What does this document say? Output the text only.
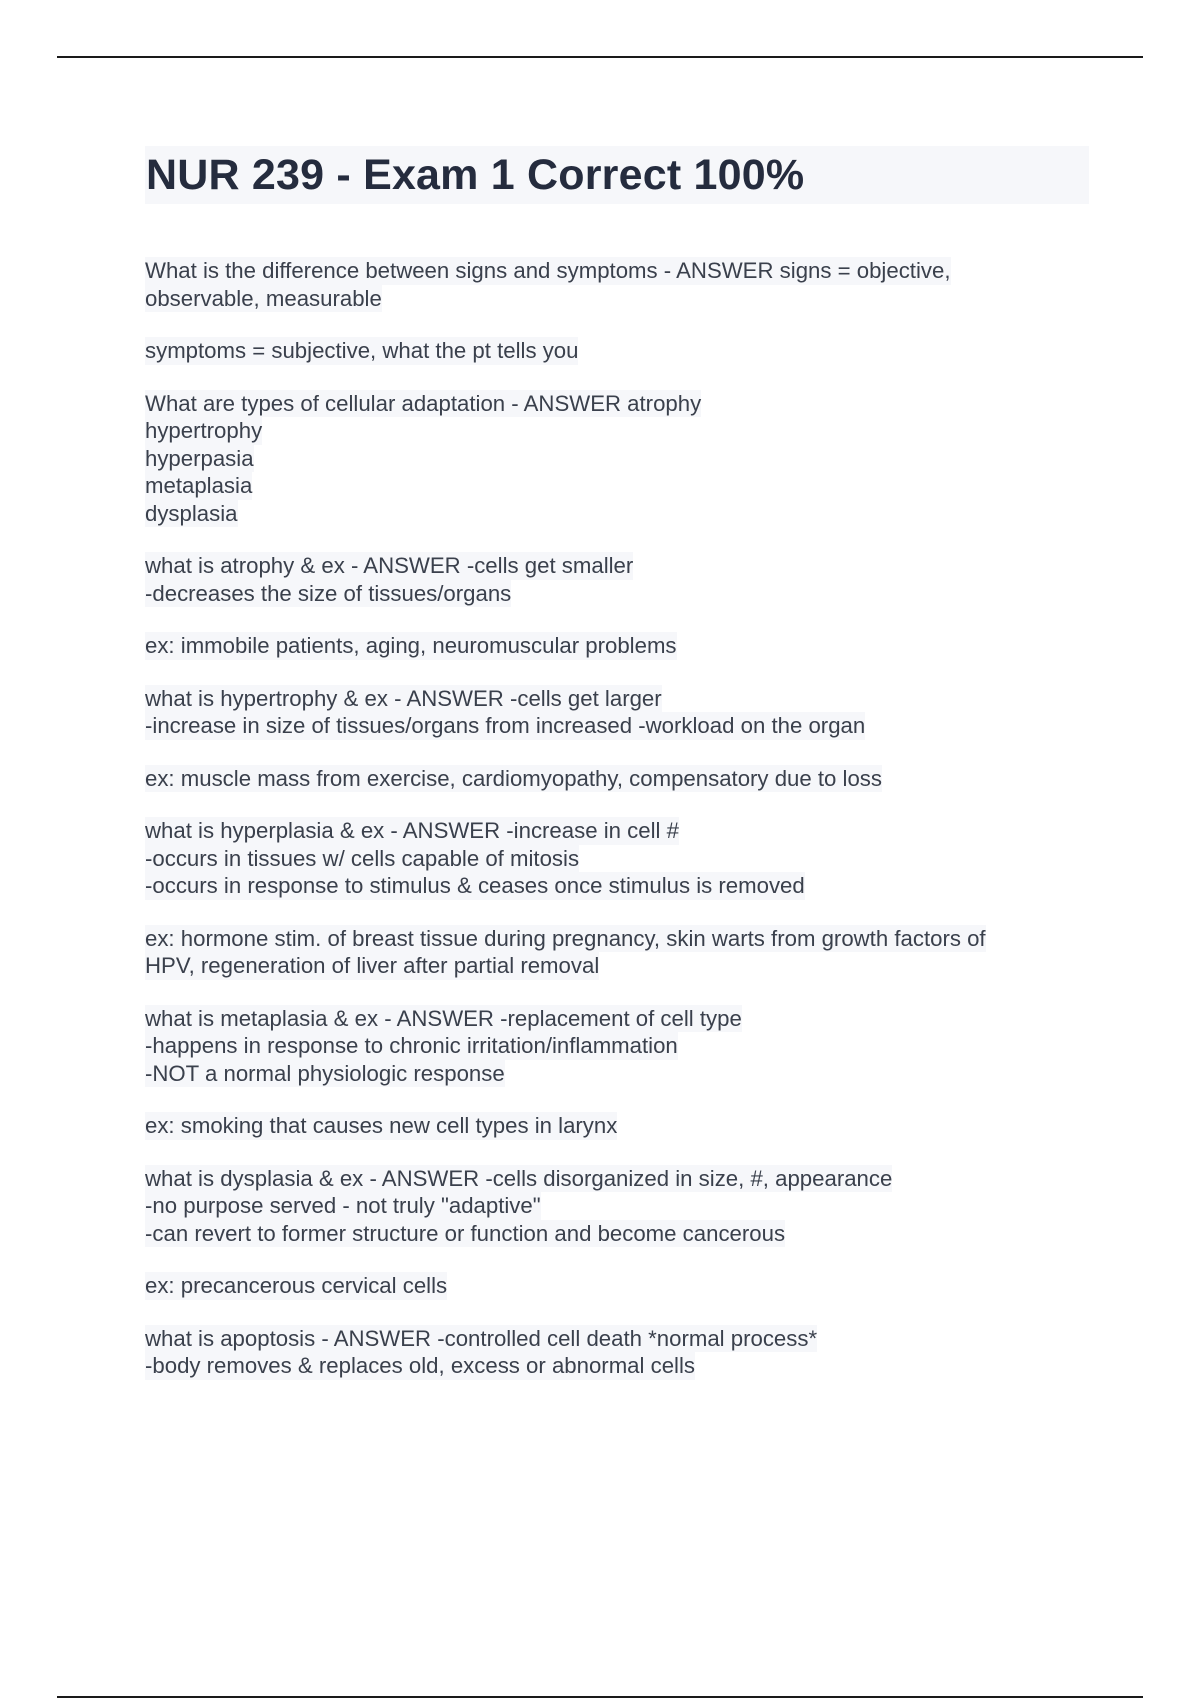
NUR 239 - Exam 1 Correct 100%
What is the difference between signs and symptoms - ANSWER signs = objective,
observable, measurable
symptoms = subjective, what the pt tells you
What are types of cellular adaptation - ANSWER atrophy
hypertrophy
hyperpasia
metaplasia
dysplasia
what is atrophy & ex - ANSWER -cells get smaller
-decreases the size of tissues/organs
ex: immobile patients, aging, neuromuscular problems
what is hypertrophy & ex - ANSWER -cells get larger
-increase in size of tissues/organs from increased -workload on the organ
ex: muscle mass from exercise, cardiomyopathy, compensatory due to loss
what is hyperplasia & ex - ANSWER -increase in cell #
-occurs in tissues w/ cells capable of mitosis
-occurs in response to stimulus & ceases once stimulus is removed
ex: hormone stim. of breast tissue during pregnancy, skin warts from growth factors of
HPV, regeneration of liver after partial removal
what is metaplasia & ex - ANSWER -replacement of cell type
-happens in response to chronic irritation/inflammation
-NOT a normal physiologic response
ex: smoking that causes new cell types in larynx
what is dysplasia & ex - ANSWER -cells disorganized in size, #, appearance
-no purpose served - not truly "adaptive"
-can revert to former structure or function and become cancerous
ex: precancerous cervical cells
what is apoptosis - ANSWER -controlled cell death *normal process*
-body removes & replaces old, excess or abnormal cells
